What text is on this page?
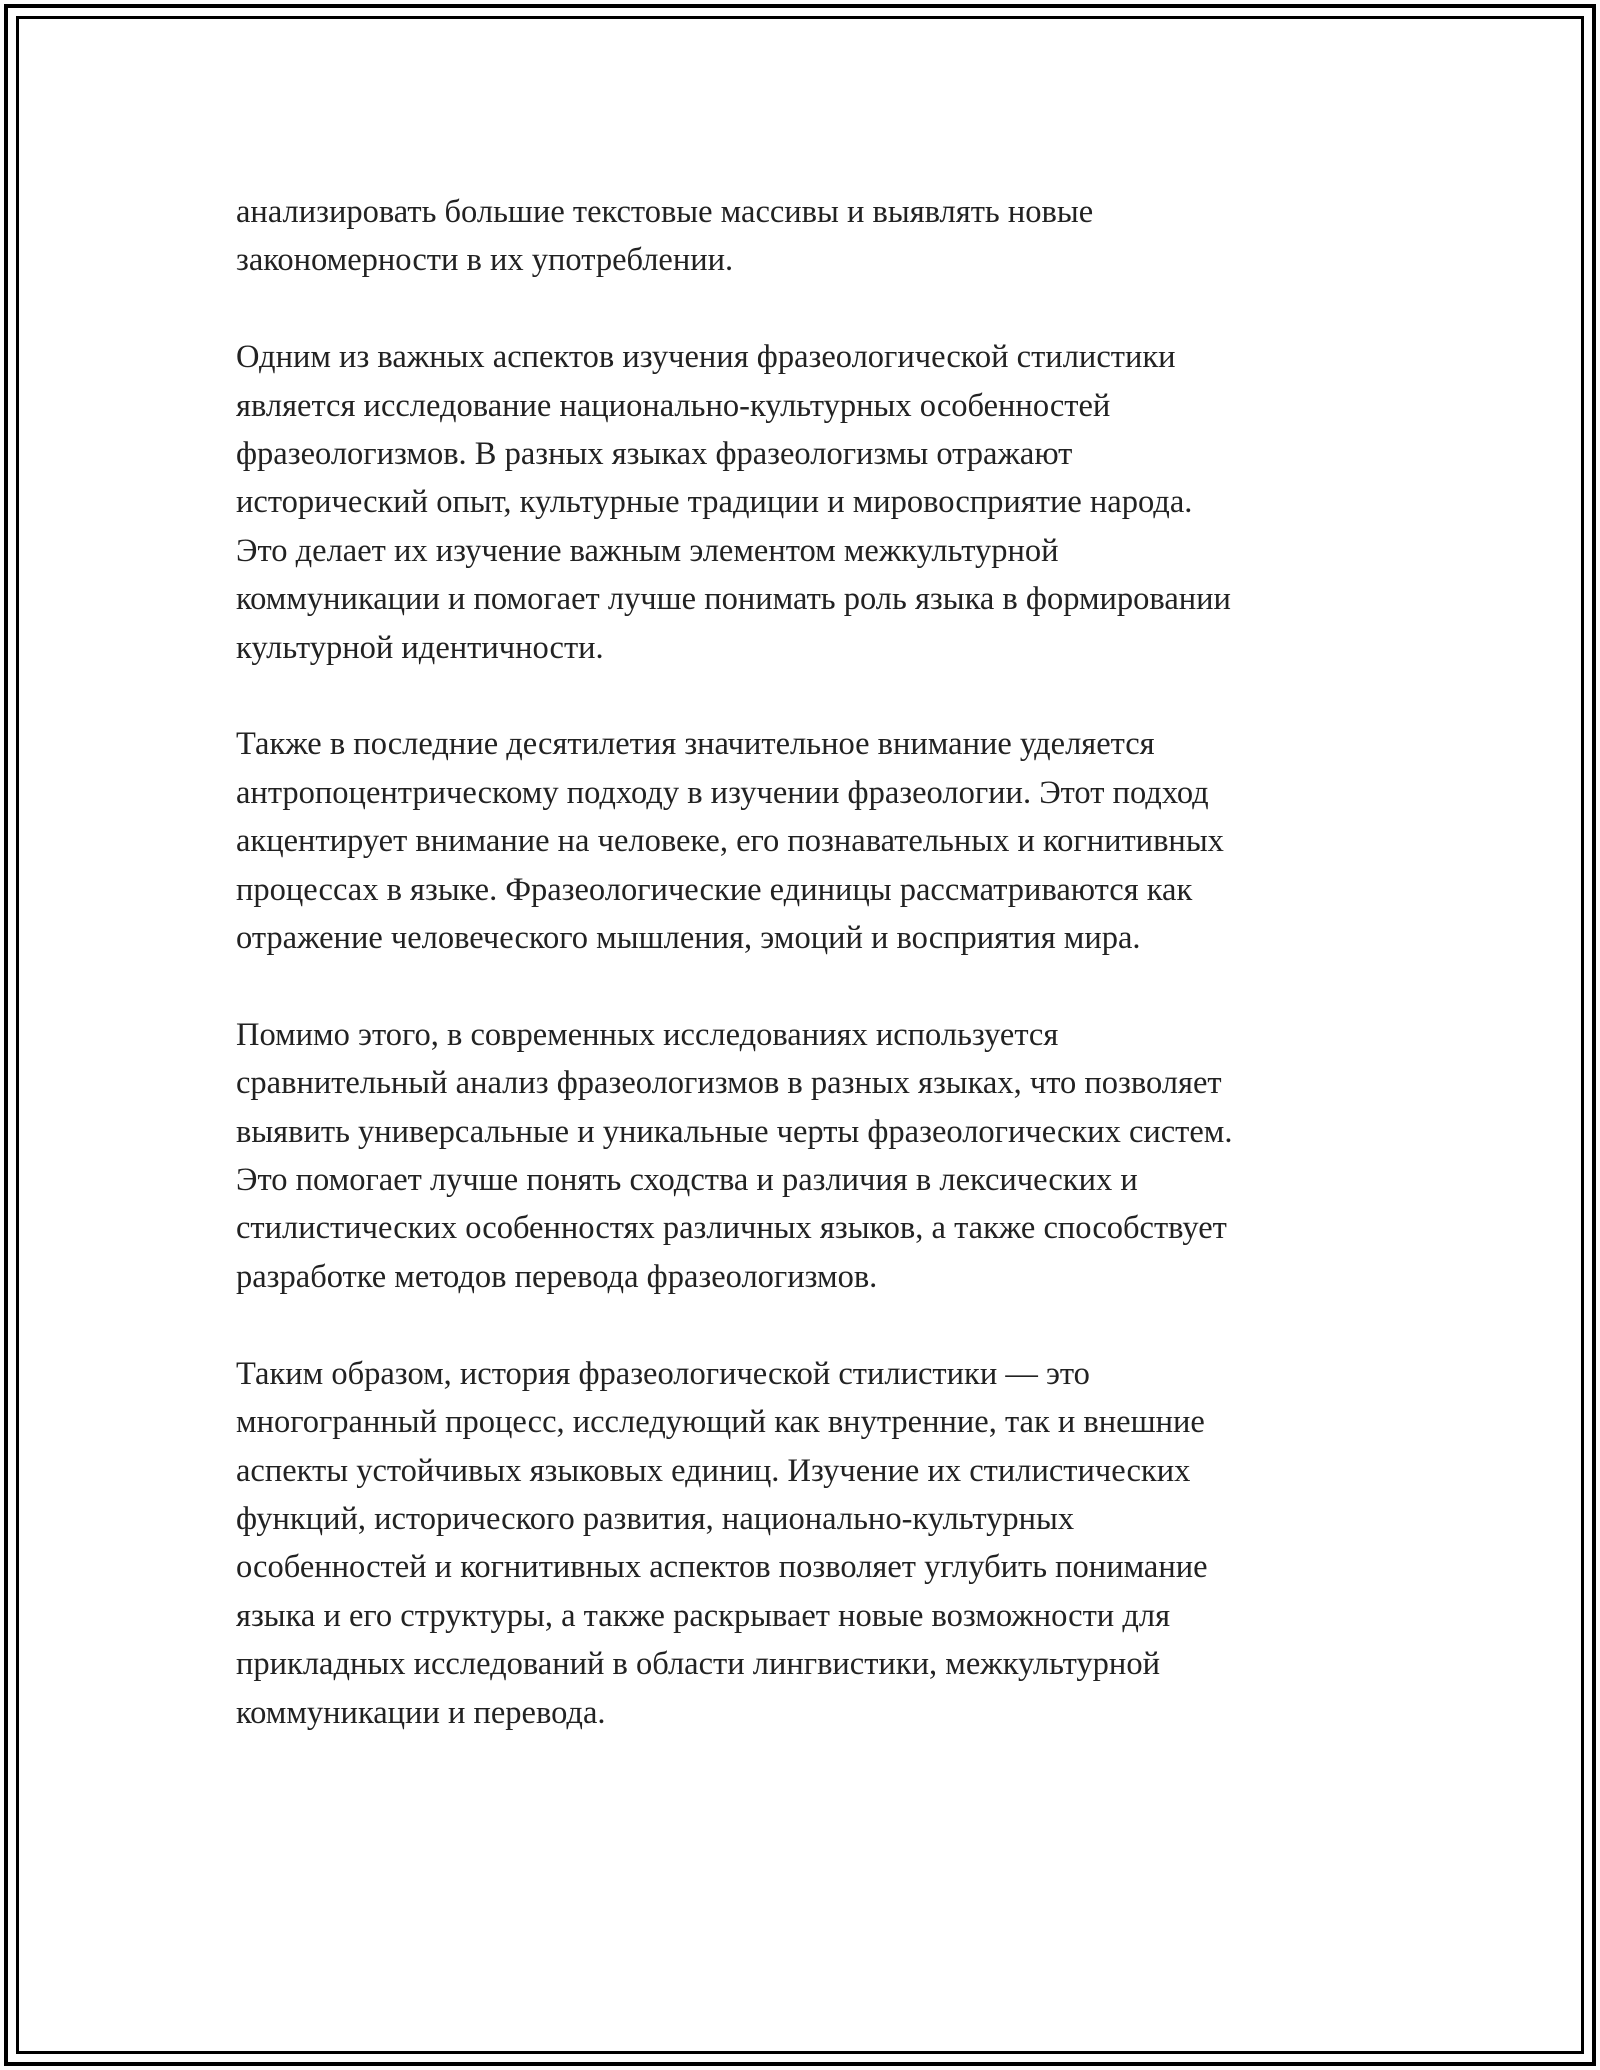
анализировать большие текстовые массивы и выявлять новые
закономерности в их употреблении.

Одним из важных аспектов изучения фразеологической стилистики
является исследование национально-культурных особенностей
фразеологизмов. В разных языках фразеологизмы отражают
исторический опыт, культурные традиции и мировосприятие народа.
Это делает их изучение важным элементом межкультурной
коммуникации и помогает лучше понимать роль языка в формировании
культурной идентичности.

Также в последние десятилетия значительное внимание уделяется
антропоцентрическому подходу в изучении фразеологии. Этот подход
акцентирует внимание на человеке, его познавательных и когнитивных
процессах в языке. Фразеологические единицы рассматриваются как
отражение человеческого мышления, эмоций и восприятия мира.

Помимо этого, в современных исследованиях используется
сравнительный анализ фразеологизмов в разных языках, что позволяет
выявить универсальные и уникальные черты фразеологических систем.
Это помогает лучше понять сходства и различия в лексических и
стилистических особенностях различных языков, а также способствует
разработке методов перевода фразеологизмов.

Таким образом, история фразеологической стилистики — это
многогранный процесс, исследующий как внутренние, так и внешние
аспекты устойчивых языковых единиц. Изучение их стилистических
функций, исторического развития, национально-культурных
особенностей и когнитивных аспектов позволяет углубить понимание
языка и его структуры, а также раскрывает новые возможности для
прикладных исследований в области лингвистики, межкультурной
коммуникации и перевода.
